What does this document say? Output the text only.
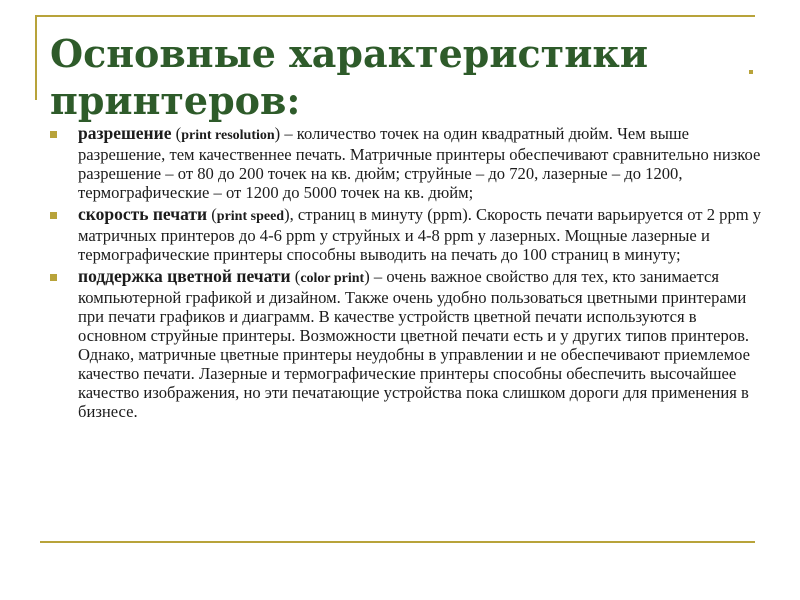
Основные характеристики принтеров:

разрешение (print resolution) – количество точек на один квадратный дюйм. Чем выше разрешение, тем качественнее печать. Матричные принтеры обеспечивают сравнительно низкое разрешение – от 80 до 200 точек на кв. дюйм; струйные – до 720, лазерные – до 1200, термографические – от 1200 до 5000 точек на кв. дюйм;

скорость печати (print speed), страниц в минуту (ppm). Скорость печати варьируется от 2 ppm у матричных принтеров до 4-6 ppm у струйных и 4-8 ppm у лазерных. Мощные лазерные и термографические принтеры способны выводить на печать до 100 страниц в минуту;

поддержка цветной печати (color print) – очень важное свойство для тех, кто занимается компьютерной графикой и дизайном. Также очень удобно пользоваться цветными принтерами при печати графиков и диаграмм. В качестве устройств цветной печати используются в основном струйные принтеры. Возможности цветной печати есть и у других типов принтеров. Однако, матричные цветные принтеры неудобны в управлении и не обеспечивают приемлемое качество печати. Лазерные и термографические принтеры способны обеспечить высочайшее качество изображения, но эти печатающие устройства пока слишком дороги для применения в бизнесе.
